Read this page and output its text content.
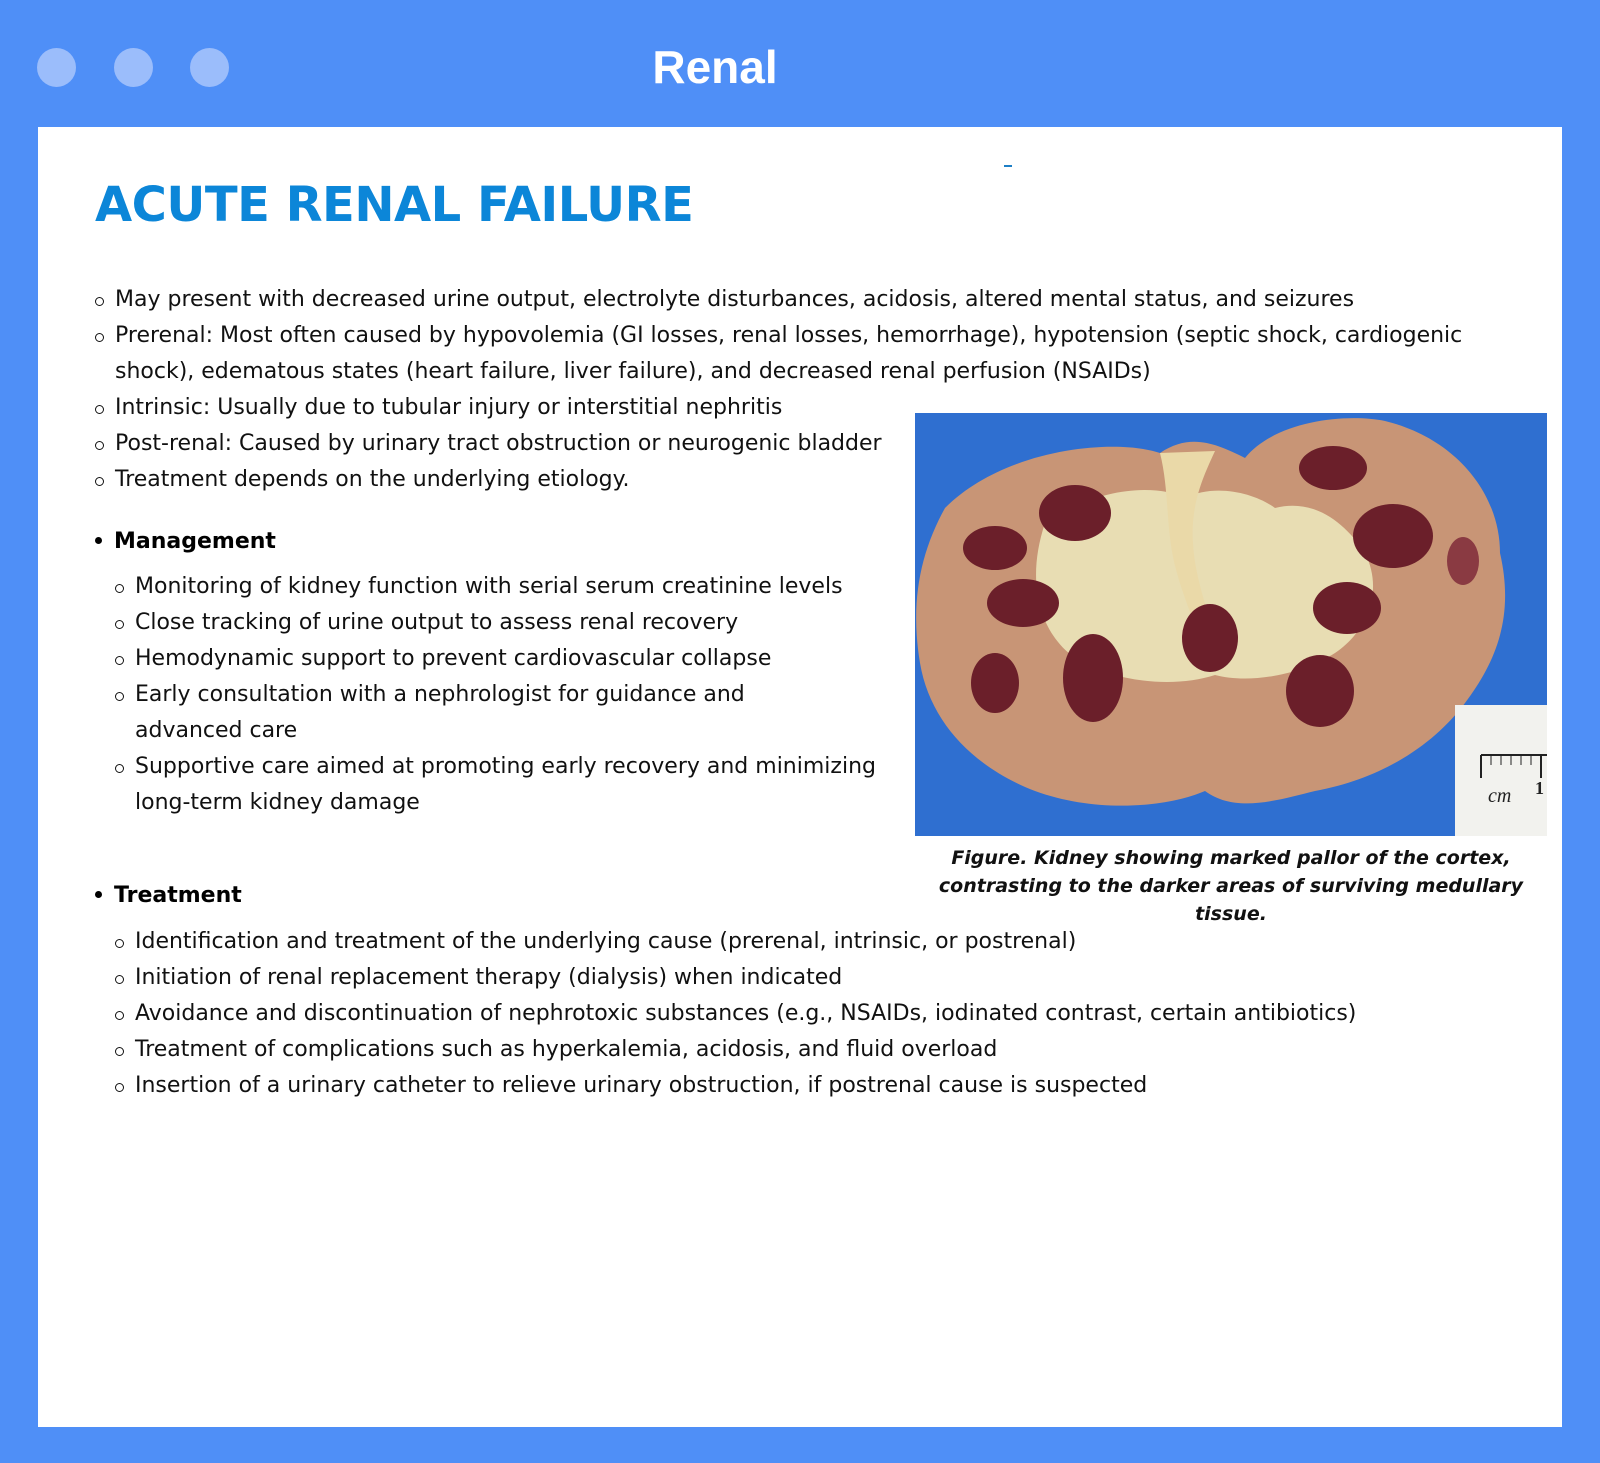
Renal
ACUTE RENAL FAILURE
May present with decreased urine output, electrolyte disturbances, acidosis, altered mental status, and seizures
Prerenal: Most often caused by hypovolemia (GI losses, renal losses, hemorrhage), hypotension (septic shock, cardiogenic shock), edematous states (heart failure, liver failure), and decreased renal perfusion (NSAIDs)
Intrinsic: Usually due to tubular injury or interstitial nephritis
Post-renal: Caused by urinary tract obstruction or neurogenic bladder
Treatment depends on the underlying etiology.
Management
Monitoring of kidney function with serial serum creatinine levels
Close tracking of urine output to assess renal recovery
Hemodynamic support to prevent cardiovascular collapse
Early consultation with a nephrologist for guidance and advanced care
Supportive care aimed at promoting early recovery and minimizing long-term kidney damage
Treatment
Identification and treatment of the underlying cause (prerenal, intrinsic, or postrenal)
Initiation of renal replacement therapy (dialysis) when indicated
Avoidance and discontinuation of nephrotoxic substances (e.g., NSAIDs, iodinated contrast, certain antibiotics)
Treatment of complications such as hyperkalemia, acidosis, and fluid overload
Insertion of a urinary catheter to relieve urinary obstruction, if postrenal cause is suspected
cm 1
Figure. Kidney showing marked pallor of the cortex, contrasting to the darker areas of surviving medullary tissue.
